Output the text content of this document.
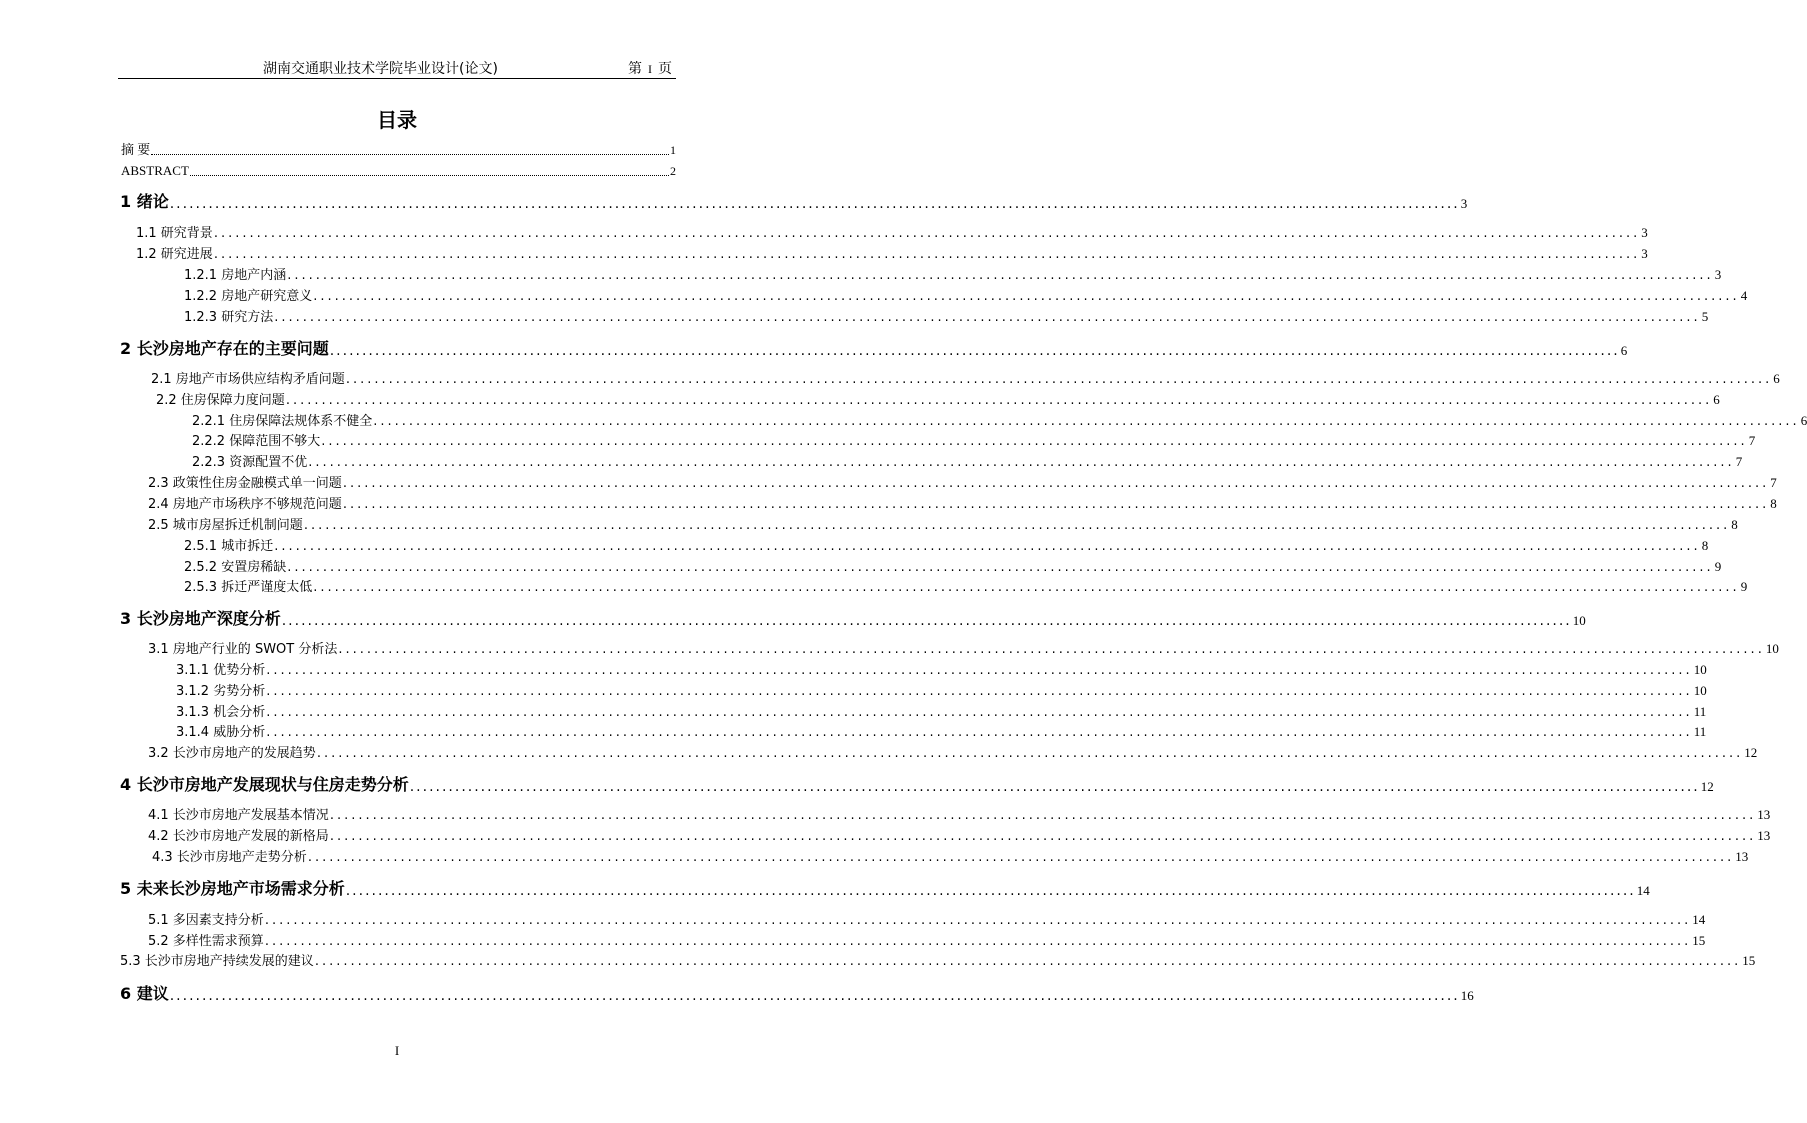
湖南交通职业技术学院毕业设计(论文)	第 I 页
目录
摘 要	1
ABSTRACT	2
1 绪论 ........................................................................................................................................................................................................ 3
1.1 研究背景 ........................................................................................................................................................................................................ 3
1.2 研究进展 ........................................................................................................................................................................................................ 3
1.2.1 房地产内涵 ........................................................................................................................................................................................................ 3
1.2.2 房地产研究意义 ........................................................................................................................................................................................................ 4
1.2.3 研究方法 ........................................................................................................................................................................................................ 5
2 长沙房地产存在的主要问题 ........................................................................................................................................................................................................ 6
2.1 房地产市场供应结构矛盾问题 ........................................................................................................................................................................................................ 6
2.2 住房保障力度问题 ........................................................................................................................................................................................................ 6
2.2.1 住房保障法规体系不健全 ........................................................................................................................................................................................................ 6
2.2.2 保障范围不够大 ........................................................................................................................................................................................................ 7
2.2.3 资源配置不优 ........................................................................................................................................................................................................ 7
2.3 政策性住房金融模式单一问题 ........................................................................................................................................................................................................ 7
2.4 房地产市场秩序不够规范问题 ........................................................................................................................................................................................................ 8
2.5 城市房屋拆迁机制问题 ........................................................................................................................................................................................................ 8
2.5.1 城市拆迁 ........................................................................................................................................................................................................ 8
2.5.2 安置房稀缺 ........................................................................................................................................................................................................ 9
2.5.3 拆迁严谨度太低 ........................................................................................................................................................................................................ 9
3 长沙房地产深度分析 ........................................................................................................................................................................................................ 10
3.1 房地产行业的 SWOT 分析法 ........................................................................................................................................................................................................ 10
3.1.1 优势分析 ........................................................................................................................................................................................................ 10
3.1.2 劣势分析 ........................................................................................................................................................................................................ 10
3.1.3 机会分析 ........................................................................................................................................................................................................ 11
3.1.4 威胁分析 ........................................................................................................................................................................................................ 11
3.2 长沙市房地产的发展趋势 ........................................................................................................................................................................................................ 12
4 长沙市房地产发展现状与住房走势分析 ........................................................................................................................................................................................................ 12
4.1 长沙市房地产发展基本情况 ........................................................................................................................................................................................................ 13
4.2 长沙市房地产发展的新格局 ........................................................................................................................................................................................................ 13
4.3 长沙市房地产走势分析 ........................................................................................................................................................................................................ 13
5 未来长沙房地产市场需求分析 ........................................................................................................................................................................................................ 14
5.1 多因素支持分析 ........................................................................................................................................................................................................ 14
5.2 多样性需求预算 ........................................................................................................................................................................................................ 15
5.3 长沙市房地产持续发展的建议 ........................................................................................................................................................................................................ 15
6 建议 ........................................................................................................................................................................................................ 16
I
